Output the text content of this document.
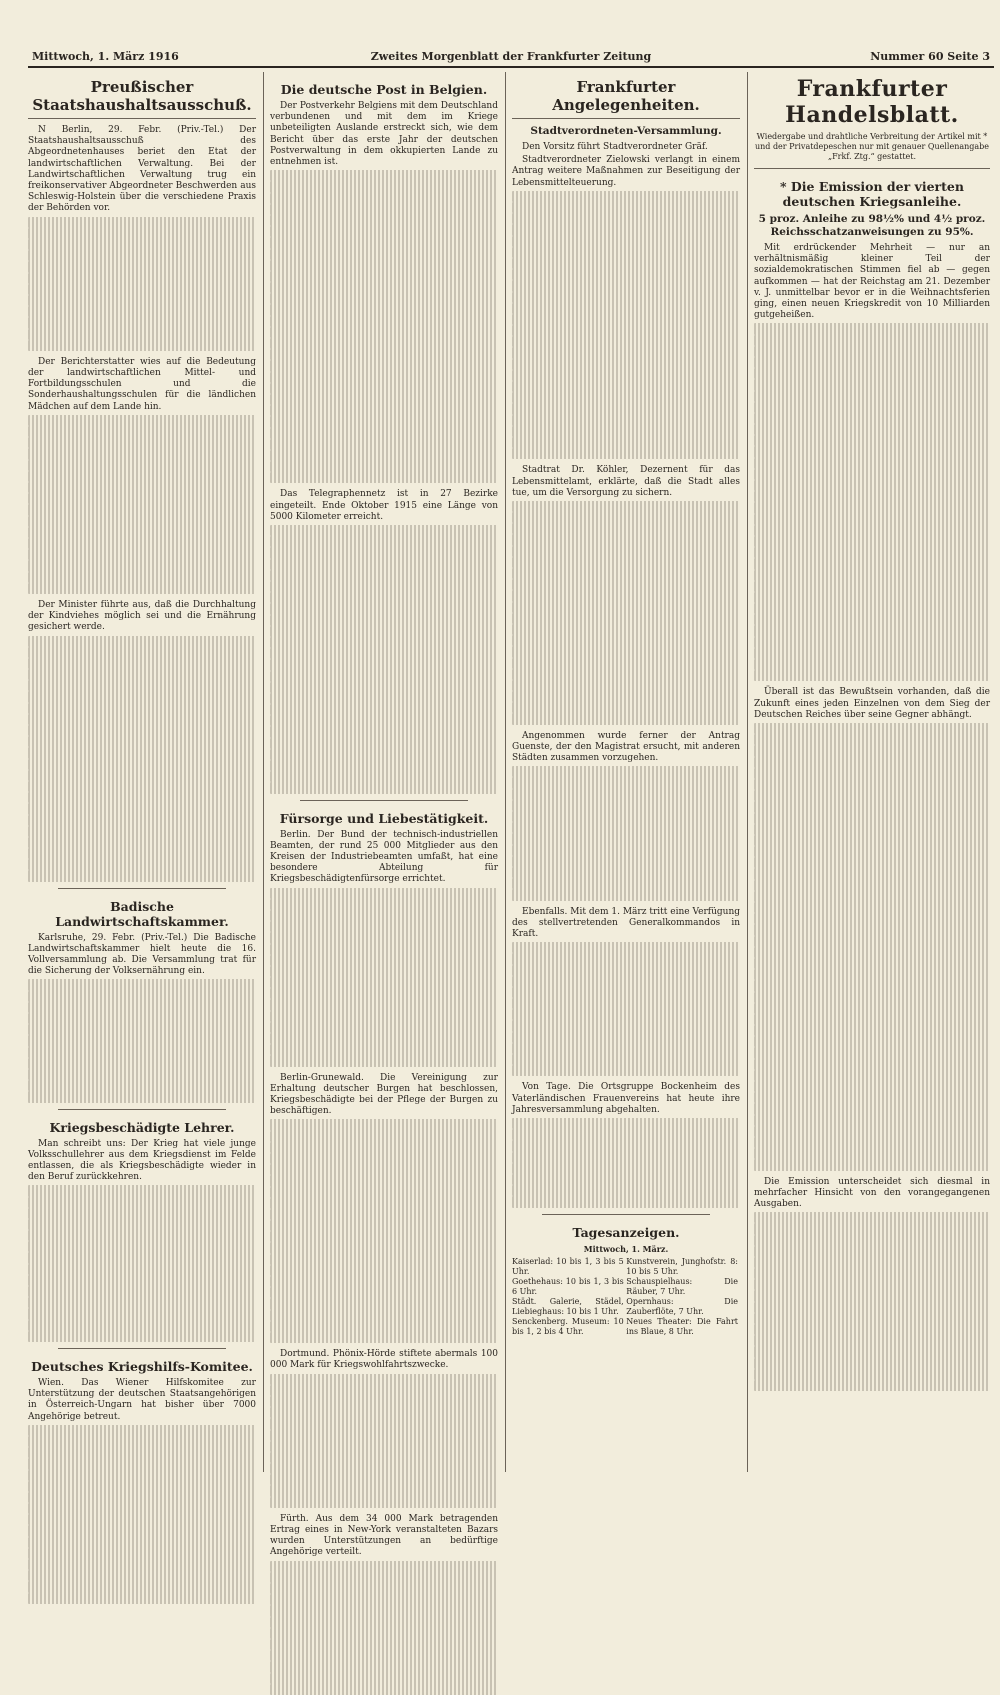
Mittwoch, 1. März 1916	Zweites Morgenblatt der Frankfurter Zeitung	Nummer 60 Seite 3
Preußischer Staatshaushaltsausschuß.

N Berlin, 29. Febr. (Priv.-Tel.) Der Staatshaushaltsausschuß des Abgeordnetenhauses beriet den Etat der landwirtschaftlichen Verwaltung. Bei der Landwirtschaftlichen Verwaltung trug ein freikonservativer Abgeordneter Beschwerden aus Schleswig-Holstein über die verschiedene Praxis der Behörden vor.

Der Berichterstatter wies auf die Bedeutung der landwirtschaftlichen Mittel- und Fortbildungsschulen und die Sonderhaushaltungsschulen für die ländlichen Mädchen auf dem Lande hin.

Der Minister führte aus, daß die Durchhaltung der Kindviehes möglich sei und die Ernährung gesichert werde.

Badische Landwirtschaftskammer.

Karlsruhe, 29. Febr. (Priv.-Tel.) Die Badische Landwirtschaftskammer hielt heute die 16. Vollversammlung ab. Die Versammlung trat für die Sicherung der Volksernährung ein.

Kriegsbeschädigte Lehrer.

Man schreibt uns: Der Krieg hat viele junge Volksschullehrer aus dem Kriegsdienst im Felde entlassen, die als Kriegsbeschädigte wieder in den Beruf zurückkehren.

Deutsches Kriegshilfs-Komitee.

Wien. Das Wiener Hilfskomitee zur Unterstützung der deutschen Staatsangehörigen in Österreich-Ungarn hat bisher über 7000 Angehörige betreut.

Die deutsche Post in Belgien.

Der Postverkehr Belgiens mit dem Deutschland verbundenen und mit dem im Kriege unbeteiligten Auslande erstreckt sich, wie dem Bericht über das erste Jahr der deutschen Postverwaltung in dem okkupierten Lande zu entnehmen ist.

Das Telegraphennetz ist in 27 Bezirke eingeteilt. Ende Oktober 1915 eine Länge von 5000 Kilometer erreicht.

Fürsorge und Liebestätigkeit.

Berlin. Der Bund der technisch-industriellen Beamten, der rund 25 000 Mitglieder aus den Kreisen der Industriebeamten umfaßt, hat eine besondere Abteilung für Kriegsbeschädigtenfürsorge errichtet.

Berlin-Grunewald. Die Vereinigung zur Erhaltung deutscher Burgen hat beschlossen, Kriegsbeschädigte bei der Pflege der Burgen zu beschäftigen.

Dortmund. Phönix-Hörde stiftete abermals 100 000 Mark für Kriegswohlfahrtszwecke.

Fürth. Aus dem 34 000 Mark betragenden Ertrag eines in New-York veranstalteten Bazars wurden Unterstützungen an bedürftige Angehörige verteilt.

Frankfurter Angelegenheiten.
Stadtverordneten-Versammlung.

Den Vorsitz führt Stadtverordneter Gräf.

Stadtverordneter Zielowski verlangt in einem Antrag weitere Maßnahmen zur Beseitigung der Lebensmittelteuerung.

Stadtrat Dr. Köhler, Dezernent für das Lebensmittelamt, erklärte, daß die Stadt alles tue, um die Versorgung zu sichern.

Angenommen wurde ferner der Antrag Guenste, der den Magistrat ersucht, mit anderen Städten zusammen vorzugehen.

Ebenfalls. Mit dem 1. März tritt eine Verfügung des stellvertretenden Generalkommandos in Kraft.

Von Tage. Die Ortsgruppe Bockenheim des Vaterländischen Frauenvereins hat heute ihre Jahresversammlung abgehalten.

Tagesanzeigen.
Mittwoch, 1. März.
Kaiserlad: 10 bis 1, 3 bis 5 Uhr.
Goethehaus: 10 bis 1, 3 bis 6 Uhr.
Städt. Galerie, Städel, Liebieghaus: 10 bis 1 Uhr.
Senckenberg. Museum: 10 bis 1, 2 bis 4 Uhr.

Kunstverein, Junghofstr. 8: 10 bis 5 Uhr.
Schauspielhaus: Die Räuber, 7 Uhr.
Opernhaus: Die Zauberflöte, 7 Uhr.
Neues Theater: Die Fahrt ins Blaue, 8 Uhr.
Frankfurter Handelsblatt.
Wiedergabe und drahtliche Verbreitung der Artikel mit * und der Privatdepeschen nur mit genauer Quellenangabe „Frkf. Ztg.“ gestattet.
* Die Emission der vierten deutschen Kriegsanleihe.
5 proz. Anleihe zu 98½% und 4½ proz. Reichsschatzanweisungen zu 95%.

Mit erdrückender Mehrheit — nur an verhältnismäßig kleiner Teil der sozialdemokratischen Stimmen fiel ab — gegen aufkommen — hat der Reichstag am 21. Dezember v. J. unmittelbar bevor er in die Weihnachtsferien ging, einen neuen Kriegskredit von 10 Milliarden gutgeheißen.

Überall ist das Bewußtsein vorhanden, daß die Zukunft eines jeden Einzelnen von dem Sieg der Deutschen Reiches über seine Gegner abhängt.

Die Emission unterscheidet sich diesmal in mehrfacher Hinsicht von den vorangegangenen Ausgaben.
